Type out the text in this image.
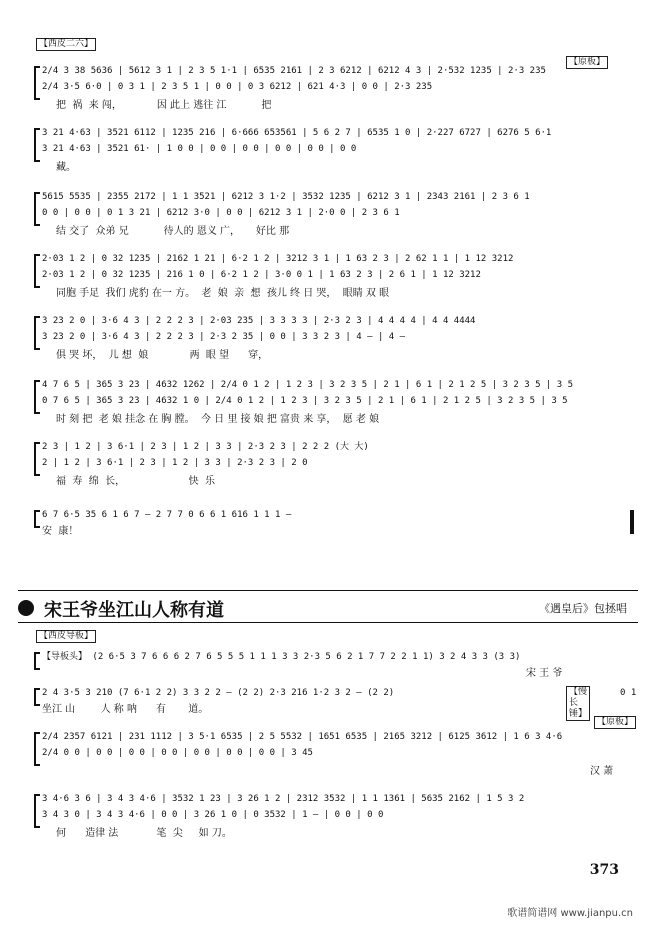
【西皮二六】
【原板】
2/4 3 38 5636 | 5612 3 1 | 2 3 5 1·1 | 6535 2161 | 2 3 6212 | 6212 4 3 | 2·532 1235 | 2·3 235
2/4 3·5 6·0 | 0 3 1 | 2 3 5 1 | 0 0 | 0 3 6212 | 621 4·3 | 0 0 | 2·3 235
把  祸  来 闯，           因 此上 逃往 江           把
3 21 4·63 | 3521 6112 | 1235 216 | 6·666 653561 | 5 6 2 7 | 6535 1 0 | 2·227 6727 | 6276 5 6·1
3 21 4·63 | 3521 61· | 1 0 0 | 0 0 | 0 0 | 0 0 | 0 0 | 0 0
藏。
5615 5535 | 2355 2172 | 1 1 3521 | 6212 3 1·2 | 3532 1235 | 6212 3 1 | 2343 2161 | 2 3 6 1
0 0 | 0 0 | 0 1 3 21 | 6212 3·0 | 0 0 | 6212 3 1 | 2·0 0 | 2 3 6 1
结 交了  众弟 兄           待人的 恩义 广，     好比 那
2·03 1 2 | 0 32 1235 | 2162 1 21 | 6·2 1 2 | 3212 3 1 | 1 63 2 3 | 2 62 1 1 | 1 12 3212
2·03 1 2 | 0 32 1235 | 216 1 0 | 6·2 1 2 | 3·0 0 1 | 1 63 2 3 | 2 6 1 | 1 12 3212
同胞 手足  我们 虎豹 在一 方。  老  娘  亲  想  孩儿 终 日 哭，  眼睛 双 眼
3 23 2 0 | 3·6 4 3 | 2 2 2 3 | 2·03 235 | 3 3 3 3 | 2·3 2 3 | 4 4 4 4 | 4 4 4444
3 23 2 0 | 3·6 4 3 | 2 2 2 3 | 2·3 2 35 | 0 0 | 3 3 2 3 | 4 — | 4 —
俱 哭 坏，  儿 想  娘             两  眼 望      穿，
4 7 6 5 | 365 3 23 | 4632 1262 | 2/4 0 1 2 | 1 2 3 | 3 2 3 5 | 2 1 | 6 1 | 2 1 2 5 | 3 2 3 5 | 3 5
0 7 6 5 | 365 3 23 | 4632 1 0 | 2/4 0 1 2 | 1 2 3 | 3 2 3 5 | 2 1 | 6 1 | 2 1 2 5 | 3 2 3 5 | 3 5
时 刻 把  老 娘 挂念 在 胸 膛。  今 日 里 接 娘 把 富贵 来 享，  愿 老 娘
2 3 | 1 2 | 3 6·1 | 2 3 | 1 2 | 3 3 | 2·3 2 3 | 2 2 2 (大 大)
2 | 1 2 | 3 6·1 | 2 3 | 1 2 | 3 3 | 2·3 2 3 | 2 0
福  寿  绵  长，                    快  乐
6 7 6·5 35 6 1 6 7 — 2 7 7 0 6 6 1 616 1 1 1 —
安  康！
宋王爷坐江山人称有道	《遇皇后》包拯唱
【西皮导板】
【原板】
【导板头】 (2 6·5 3 7 6 6 6 2 7 6 5 5 5 1 1 1 3 3 2·3 5 6 2 1 7 7 2 2 1 1) 3 2 4 3 3 (3 3)
宋 王 爷
2 4 3·5 3 210 (7 6·1 2 2) 3 3 2 2 — (2 2) 2·3 216 1·2 3 2 — (2 2)	【慢长锤】
0 1
坐江 山        人 称 呐      有       道。
2/4 2357 6121 | 231 1112 | 3 5·1 6535 | 2 5 5532 | 1651 6535 | 2165 3212 | 6125 3612 | 1 6 3 4·6
2/4 0 0 | 0 0 | 0 0 | 0 0 | 0 0 | 0 0 | 0 0 | 3 45
汉 萧
3 4·6 3 6 | 3 4 3 4·6 | 3532 1 23 | 3 26 1 2 | 2312 3532 | 1 1 1361 | 5635 2162 | 1 5 3 2
3 4 3 0 | 3 4 3 4·6 | 0 0 | 3 26 1 0 | 0 3532 | 1 — | 0 0 | 0 0
何      造律 法            笔  尖     如 刀。
373
歌谱简谱网 www.jianpu.cn
